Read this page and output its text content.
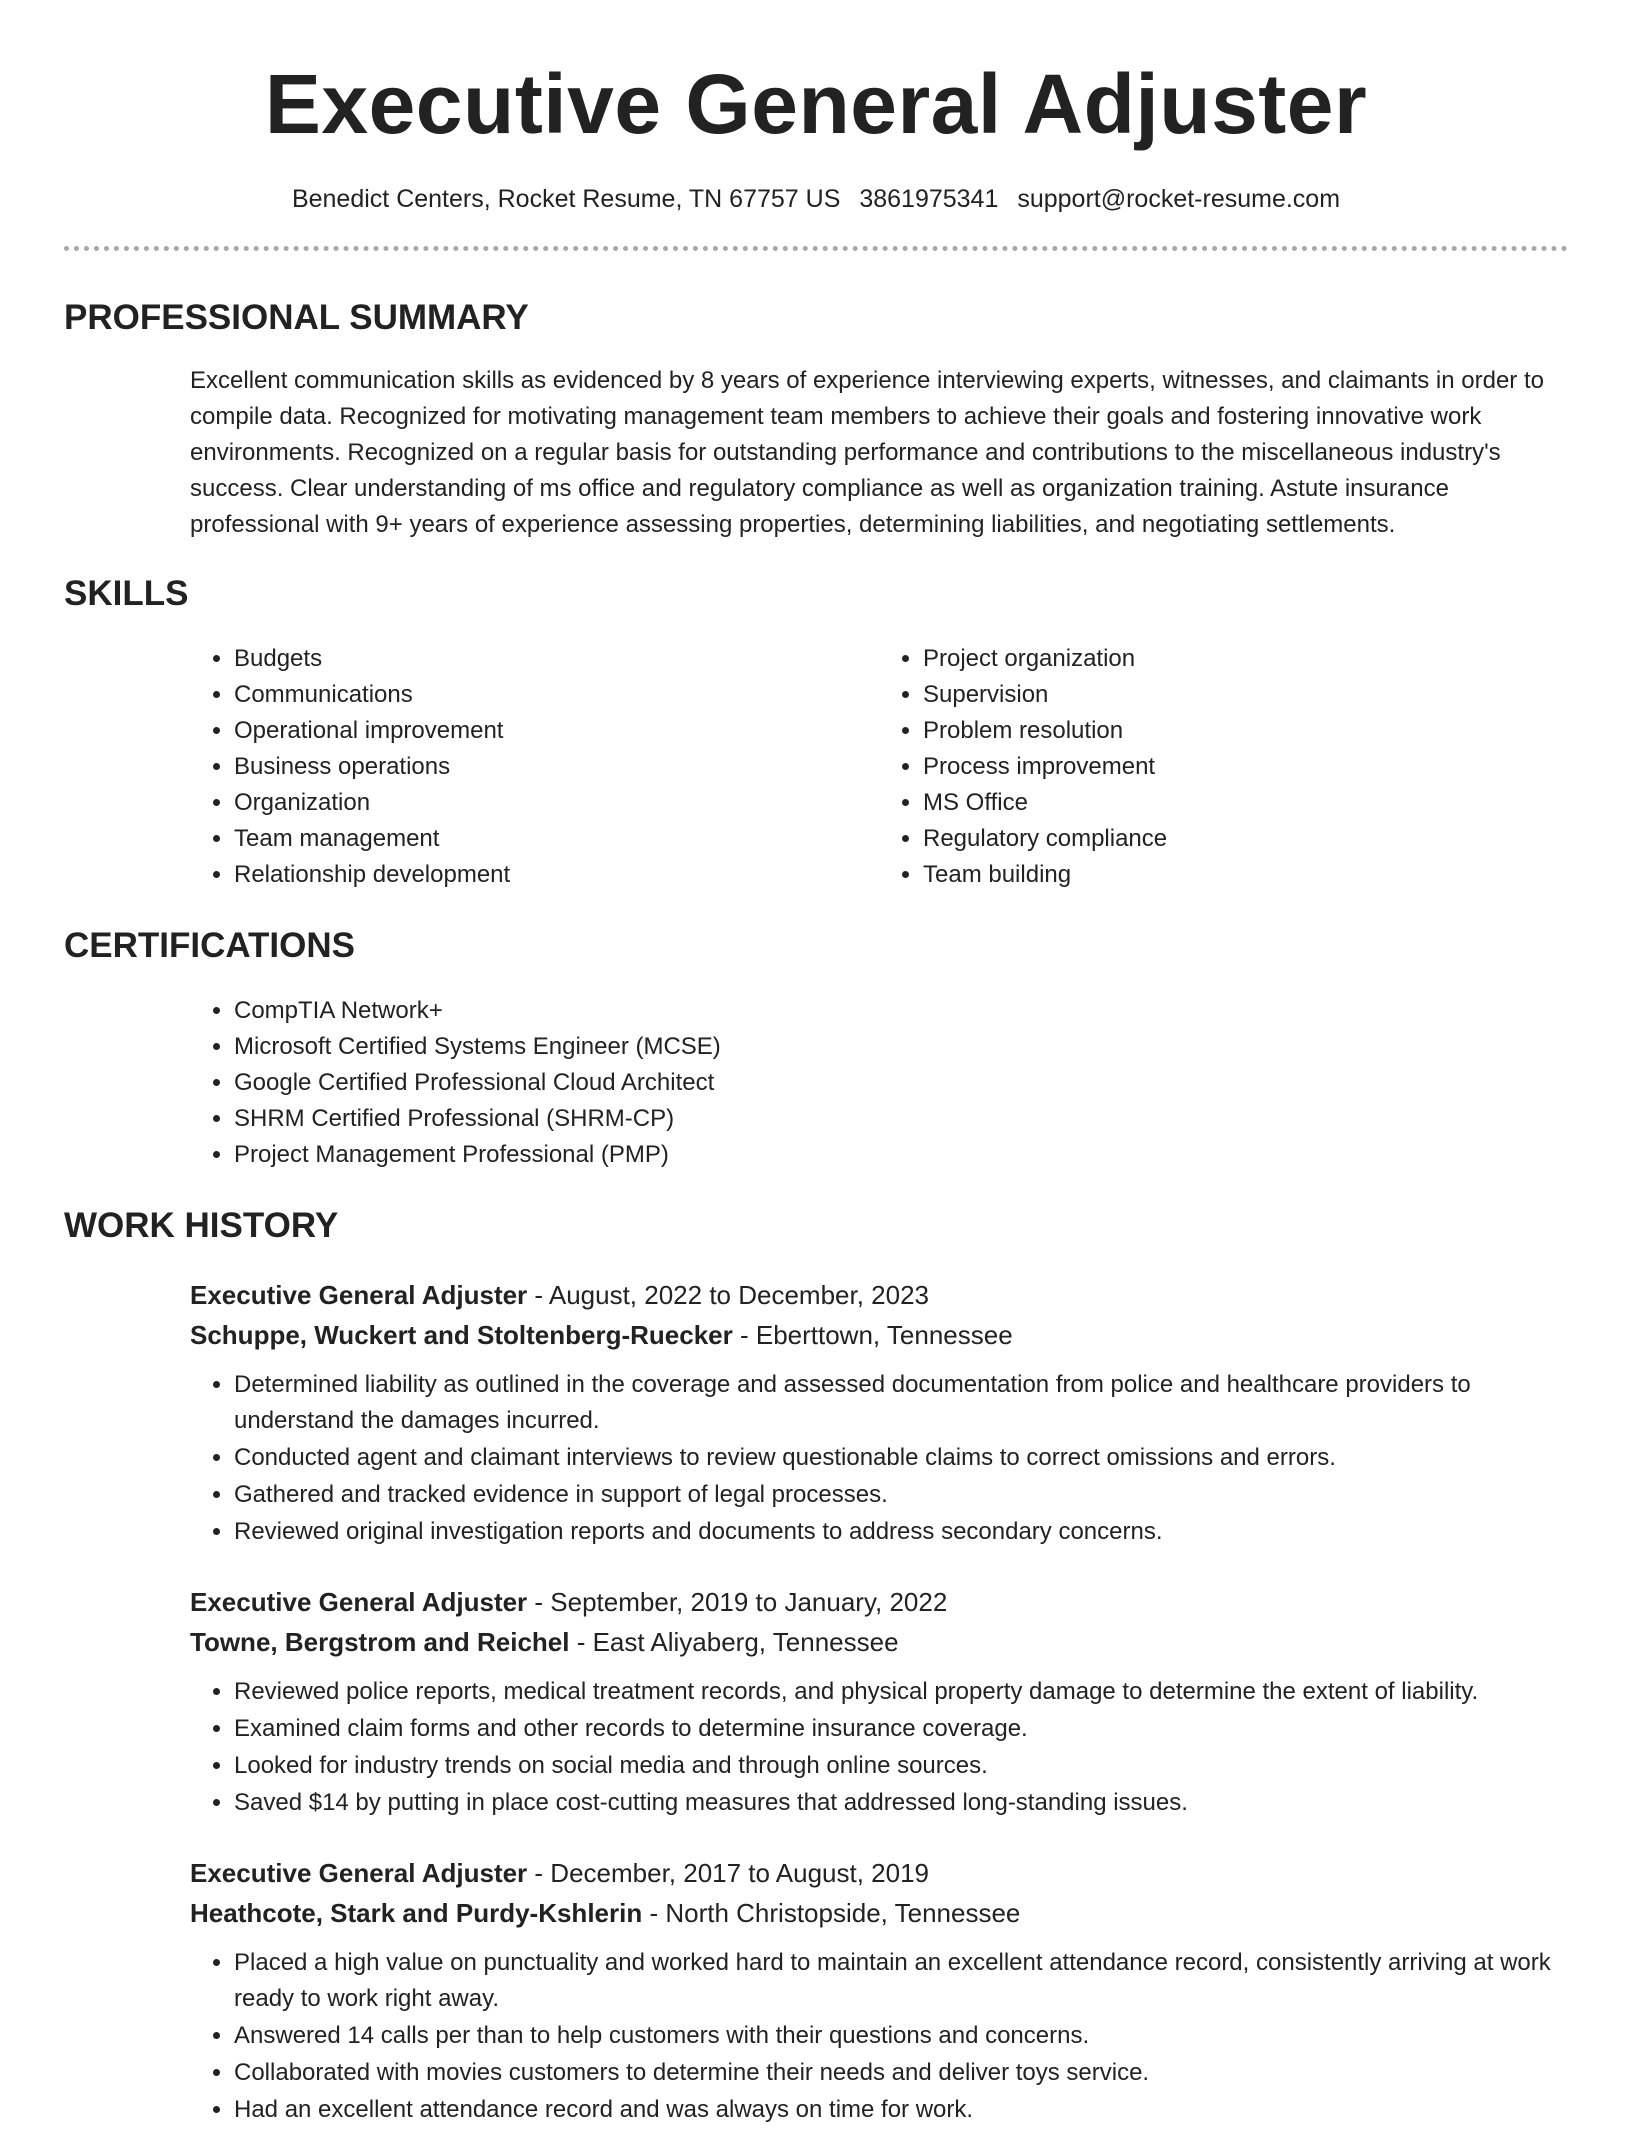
Executive General Adjuster
Benedict Centers, Rocket Resume, TN 67757 US 3861975341 support@rocket-resume.com
PROFESSIONAL SUMMARY
Excellent communication skills as evidenced by 8 years of experience interviewing experts, witnesses, and claimants in order to compile data. Recognized for motivating management team members to achieve their goals and fostering innovative work environments. Recognized on a regular basis for outstanding performance and contributions to the miscellaneous industry's success. Clear understanding of ms office and regulatory compliance as well as organization training. Astute insurance professional with 9+ years of experience assessing properties, determining liabilities, and negotiating settlements.
SKILLS
• Budgets
• Communications
• Operational improvement
• Business operations
• Organization
• Team management
• Relationship development
• Project organization
• Supervision
• Problem resolution
• Process improvement
• MS Office
• Regulatory compliance
• Team building
CERTIFICATIONS
• CompTIA Network+
• Microsoft Certified Systems Engineer (MCSE)
• Google Certified Professional Cloud Architect
• SHRM Certified Professional (SHRM-CP)
• Project Management Professional (PMP)
WORK HISTORY
Executive General Adjuster - August, 2022 to December, 2023
Schuppe, Wuckert and Stoltenberg-Ruecker - Eberttown, Tennessee
• Determined liability as outlined in the coverage and assessed documentation from police and healthcare providers to understand the damages incurred.
• Conducted agent and claimant interviews to review questionable claims to correct omissions and errors.
• Gathered and tracked evidence in support of legal processes.
• Reviewed original investigation reports and documents to address secondary concerns.
Executive General Adjuster - September, 2019 to January, 2022
Towne, Bergstrom and Reichel - East Aliyaberg, Tennessee
• Reviewed police reports, medical treatment records, and physical property damage to determine the extent of liability.
• Examined claim forms and other records to determine insurance coverage.
• Looked for industry trends on social media and through online sources.
• Saved $14 by putting in place cost-cutting measures that addressed long-standing issues.
Executive General Adjuster - December, 2017 to August, 2019
Heathcote, Stark and Purdy-Kshlerin - North Christopside, Tennessee
• Placed a high value on punctuality and worked hard to maintain an excellent attendance record, consistently arriving at work ready to work right away.
• Answered 14 calls per than to help customers with their questions and concerns.
• Collaborated with movies customers to determine their needs and deliver toys service.
• Had an excellent attendance record and was always on time for work.
